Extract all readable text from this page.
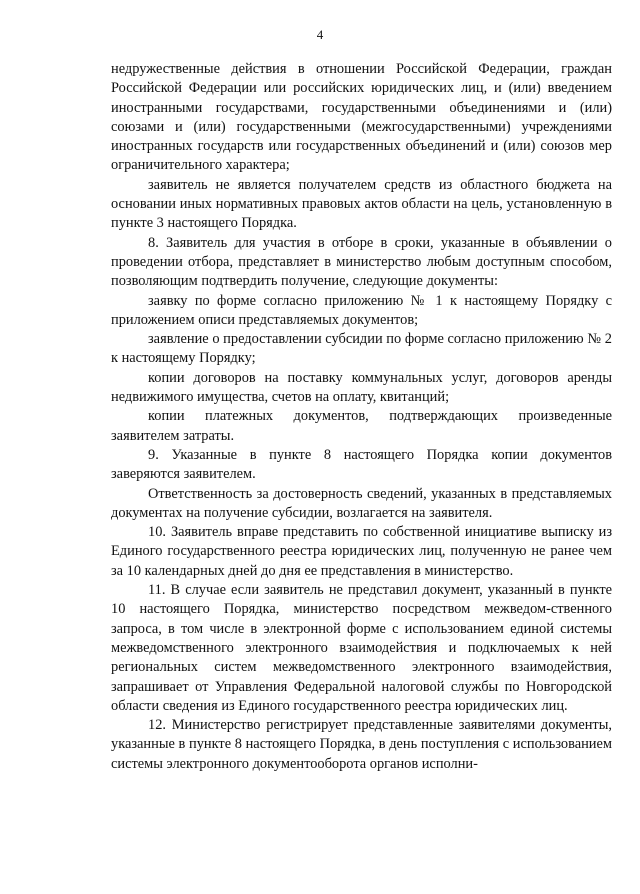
4

недружественные действия в отношении Российской Федерации, граждан Российской Федерации или российских юридических лиц, и (или) введением иностранными государствами, государственными объединениями и (или) союзами и (или) государственными (межгосударственными) учреждениями иностранных государств или государственных объединений и (или) союзов мер ограничительного характера;

заявитель не является получателем средств из областного бюджета на основании иных нормативных правовых актов области на цель, установленную в пункте 3 настоящего Порядка.

8. Заявитель для участия в отборе в сроки, указанные в объявлении о проведении отбора, представляет в министерство любым доступным способом, позволяющим подтвердить получение, следующие документы:

заявку по форме согласно приложению № 1 к настоящему Порядку с приложением описи представляемых документов;

заявление о предоставлении субсидии по форме согласно приложению № 2 к настоящему Порядку;

копии договоров на поставку коммунальных услуг, договоров аренды недвижимого имущества, счетов на оплату, квитанций;

копии платежных документов, подтверждающих произведенные заявителем затраты.

9. Указанные в пункте 8 настоящего Порядка копии документов заверяются заявителем.

Ответственность за достоверность сведений, указанных в представляемых документах на получение субсидии, возлагается на заявителя.

10. Заявитель вправе представить по собственной инициативе выписку из Единого государственного реестра юридических лиц, полученную не ранее чем за 10 календарных дней до дня ее представления в министерство.

11. В случае если заявитель не представил документ, указанный в пункте 10 настоящего Порядка, министерство посредством межведом-ственного запроса, в том числе в электронной форме с использованием единой системы межведомственного электронного взаимодействия и подключаемых к ней региональных систем межведомственного электронного взаимодействия, запрашивает от Управления Федеральной налоговой службы по Новгородской области сведения из Единого государственного реестра юридических лиц.

12. Министерство регистрирует представленные заявителями документы, указанные в пункте 8 настоящего Порядка, в день поступления с использованием системы электронного документооборота органов исполни-
